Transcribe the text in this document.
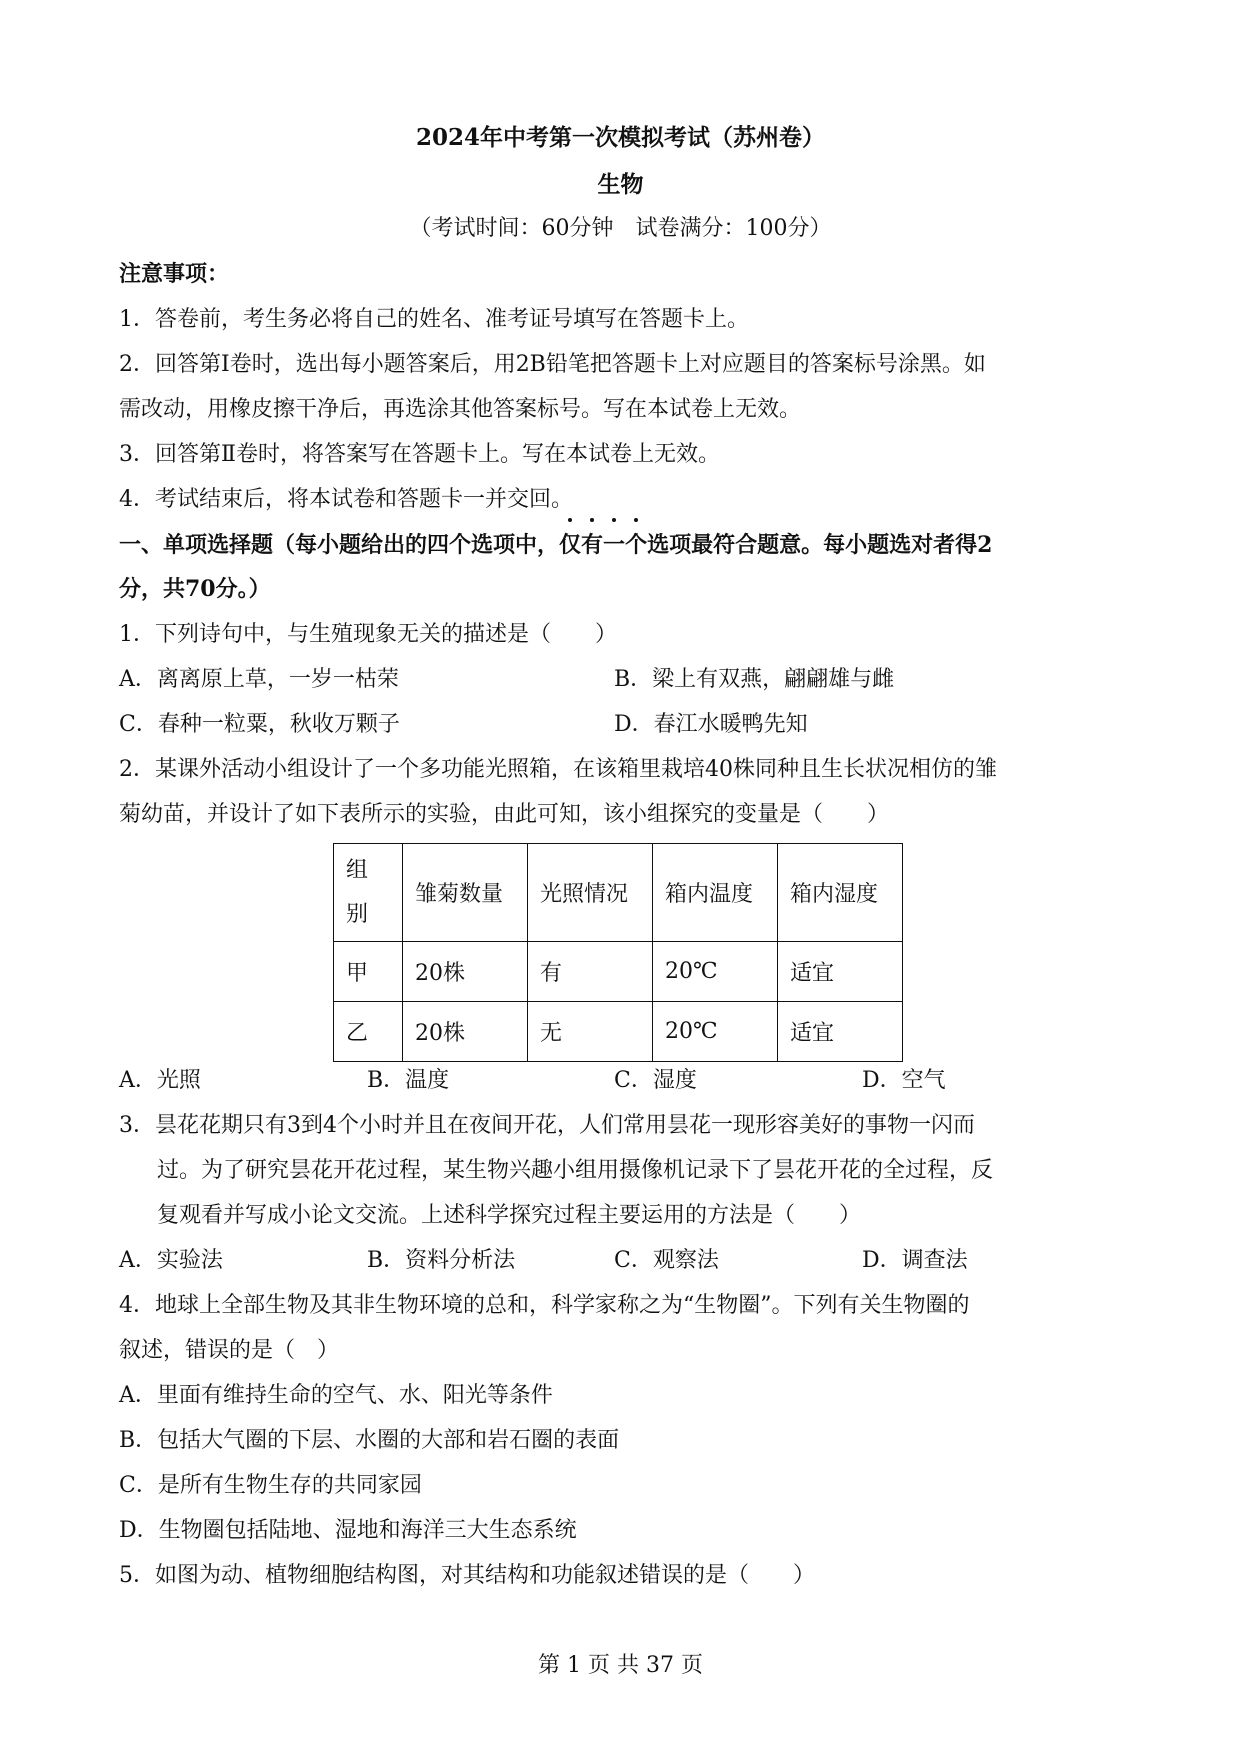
2024年中考第一次模拟考试（苏州卷）
生物
（考试时间：60分钟　试卷满分：100分）
注意事项：
1．答卷前，考生务必将自己的姓名、准考证号填写在答题卡上。
2．回答第Ⅰ卷时，选出每小题答案后，用2B铅笔把答题卡上对应题目的答案标号涂黑。如
需改动，用橡皮擦干净后，再选涂其他答案标号。写在本试卷上无效。
3．回答第Ⅱ卷时，将答案写在答题卡上。写在本试卷上无效。
4．考试结束后，将本试卷和答题卡一并交回。
一、单项选择题（每小题给出的四个选项中，
仅
有
一
个选项最符合题意。每小题选对者得2
分，共70分。）
1．下列诗句中，与生殖现象无关的描述是（　　）
A．离离原上草，一岁一枯荣	B．梁上有双燕，翩翩雄与雌
C．春种一粒粟，秋收万颗子	D．春江水暖鸭先知
2．某课外活动小组设计了一个多功能光照箱，在该箱里栽培40株同种且生长状况相仿的雏
菊幼苗，并设计了如下表所示的实验，由此可知，该小组探究的变量是（　　）
组别	雏菊数量	光照情况	箱内温度	箱内湿度
甲	20株	有	20℃	适宜
乙	20株	无	20℃	适宜
A．光照	B．温度	C．湿度	D．空气
3．昙花花期只有3到4个小时并且在夜间开花，人们常用昙花一现形容美好的事物一闪而
过。为了研究昙花开花过程，某生物兴趣小组用摄像机记录下了昙花开花的全过程，反
复观看并写成小论文交流。上述科学探究过程主要运用的方法是（　　）
A．实验法	B．资料分析法	C．观察法	D．调查法
4．地球上全部生物及其非生物环境的总和，科学家称之为“生物圈”。下列有关生物圈的
叙述，错误的是（　）
A．里面有维持生命的空气、水、阳光等条件
B．包括大气圈的下层、水圈的大部和岩石圈的表面
C．是所有生物生存的共同家园
D．生物圈包括陆地、湿地和海洋三大生态系统
5．如图为动、植物细胞结构图，对其结构和功能叙述错误的是（　　）
第 1 页 共 37 页
